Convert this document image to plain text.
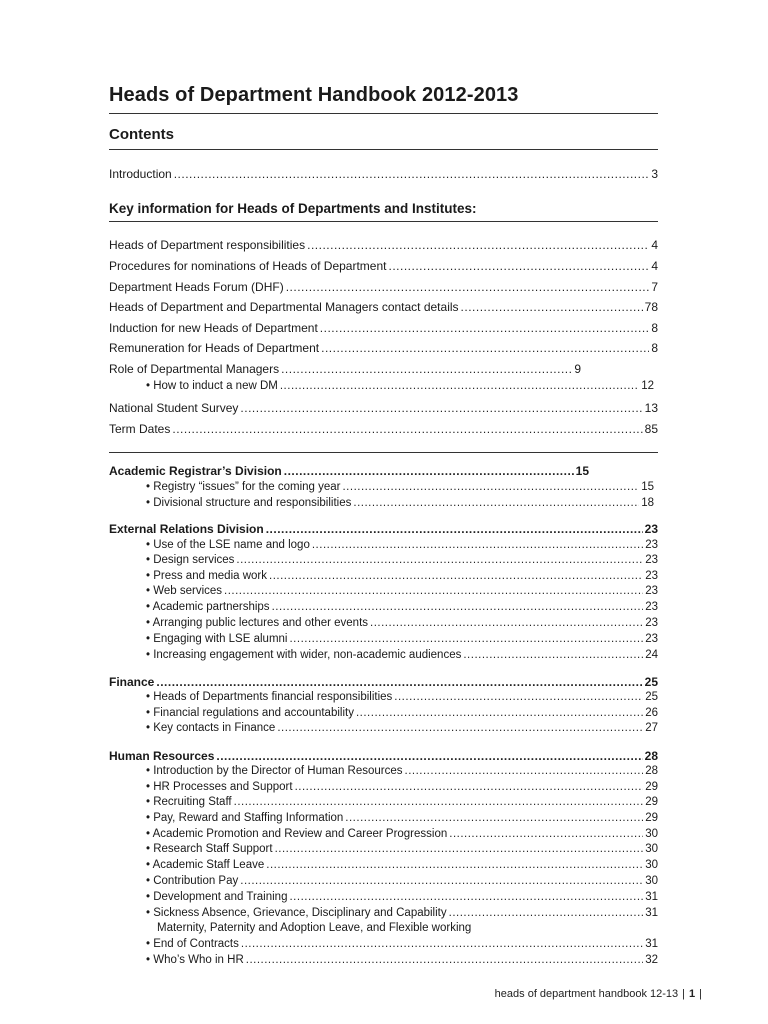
Heads of Department Handbook 2012-2013
Contents
Introduction .....	3
Key information for Heads of Departments and Institutes:
Heads of Department responsibilities .....	4
Procedures for nominations of Heads of Department .....	4
Department Heads Forum (DHF) .....	7
Heads of Department and Departmental Managers contact details .....	78
Induction for new Heads of Department .....	8
Remuneration for Heads of Department .....	8
Role of Departmental Managers .....	9
• How to induct a new DM .....	12
National Student Survey .....	13
Term Dates .....	85
Academic Registrar’s Division .....	15
• Registry “issues” for the coming year .....	15
• Divisional structure and responsibilities .....	18
External Relations Division .....	23
• Use of the LSE name and logo .....	23
• Design services .....	23
• Press and media work .....	23
• Web services .....	23
• Academic partnerships .....	23
• Arranging public lectures and other events .....	23
• Engaging with LSE alumni .....	23
• Increasing engagement with wider, non-academic audiences .....	24
Finance .....	25
• Heads of Departments financial responsibilities .....	25
• Financial regulations and accountability .....	26
• Key contacts in Finance .....	27
Human Resources .....	28
• Introduction by the Director of Human Resources .....	28
• HR Processes and Support .....	29
• Recruiting Staff .....	29
• Pay, Reward and Staffing Information .....	29
• Academic Promotion and Review and Career Progression .....	30
• Research Staff Support .....	30
• Academic Staff Leave .....	30
• Contribution Pay .....	30
• Development and Training .....	31
• Sickness Absence, Grievance, Disciplinary and Capability .....	31
Maternity, Paternity and Adoption Leave, and Flexible working
• End of Contracts .....	31
• Who’s Who in HR .....	32
heads of department handbook 12-13 | 1 |
